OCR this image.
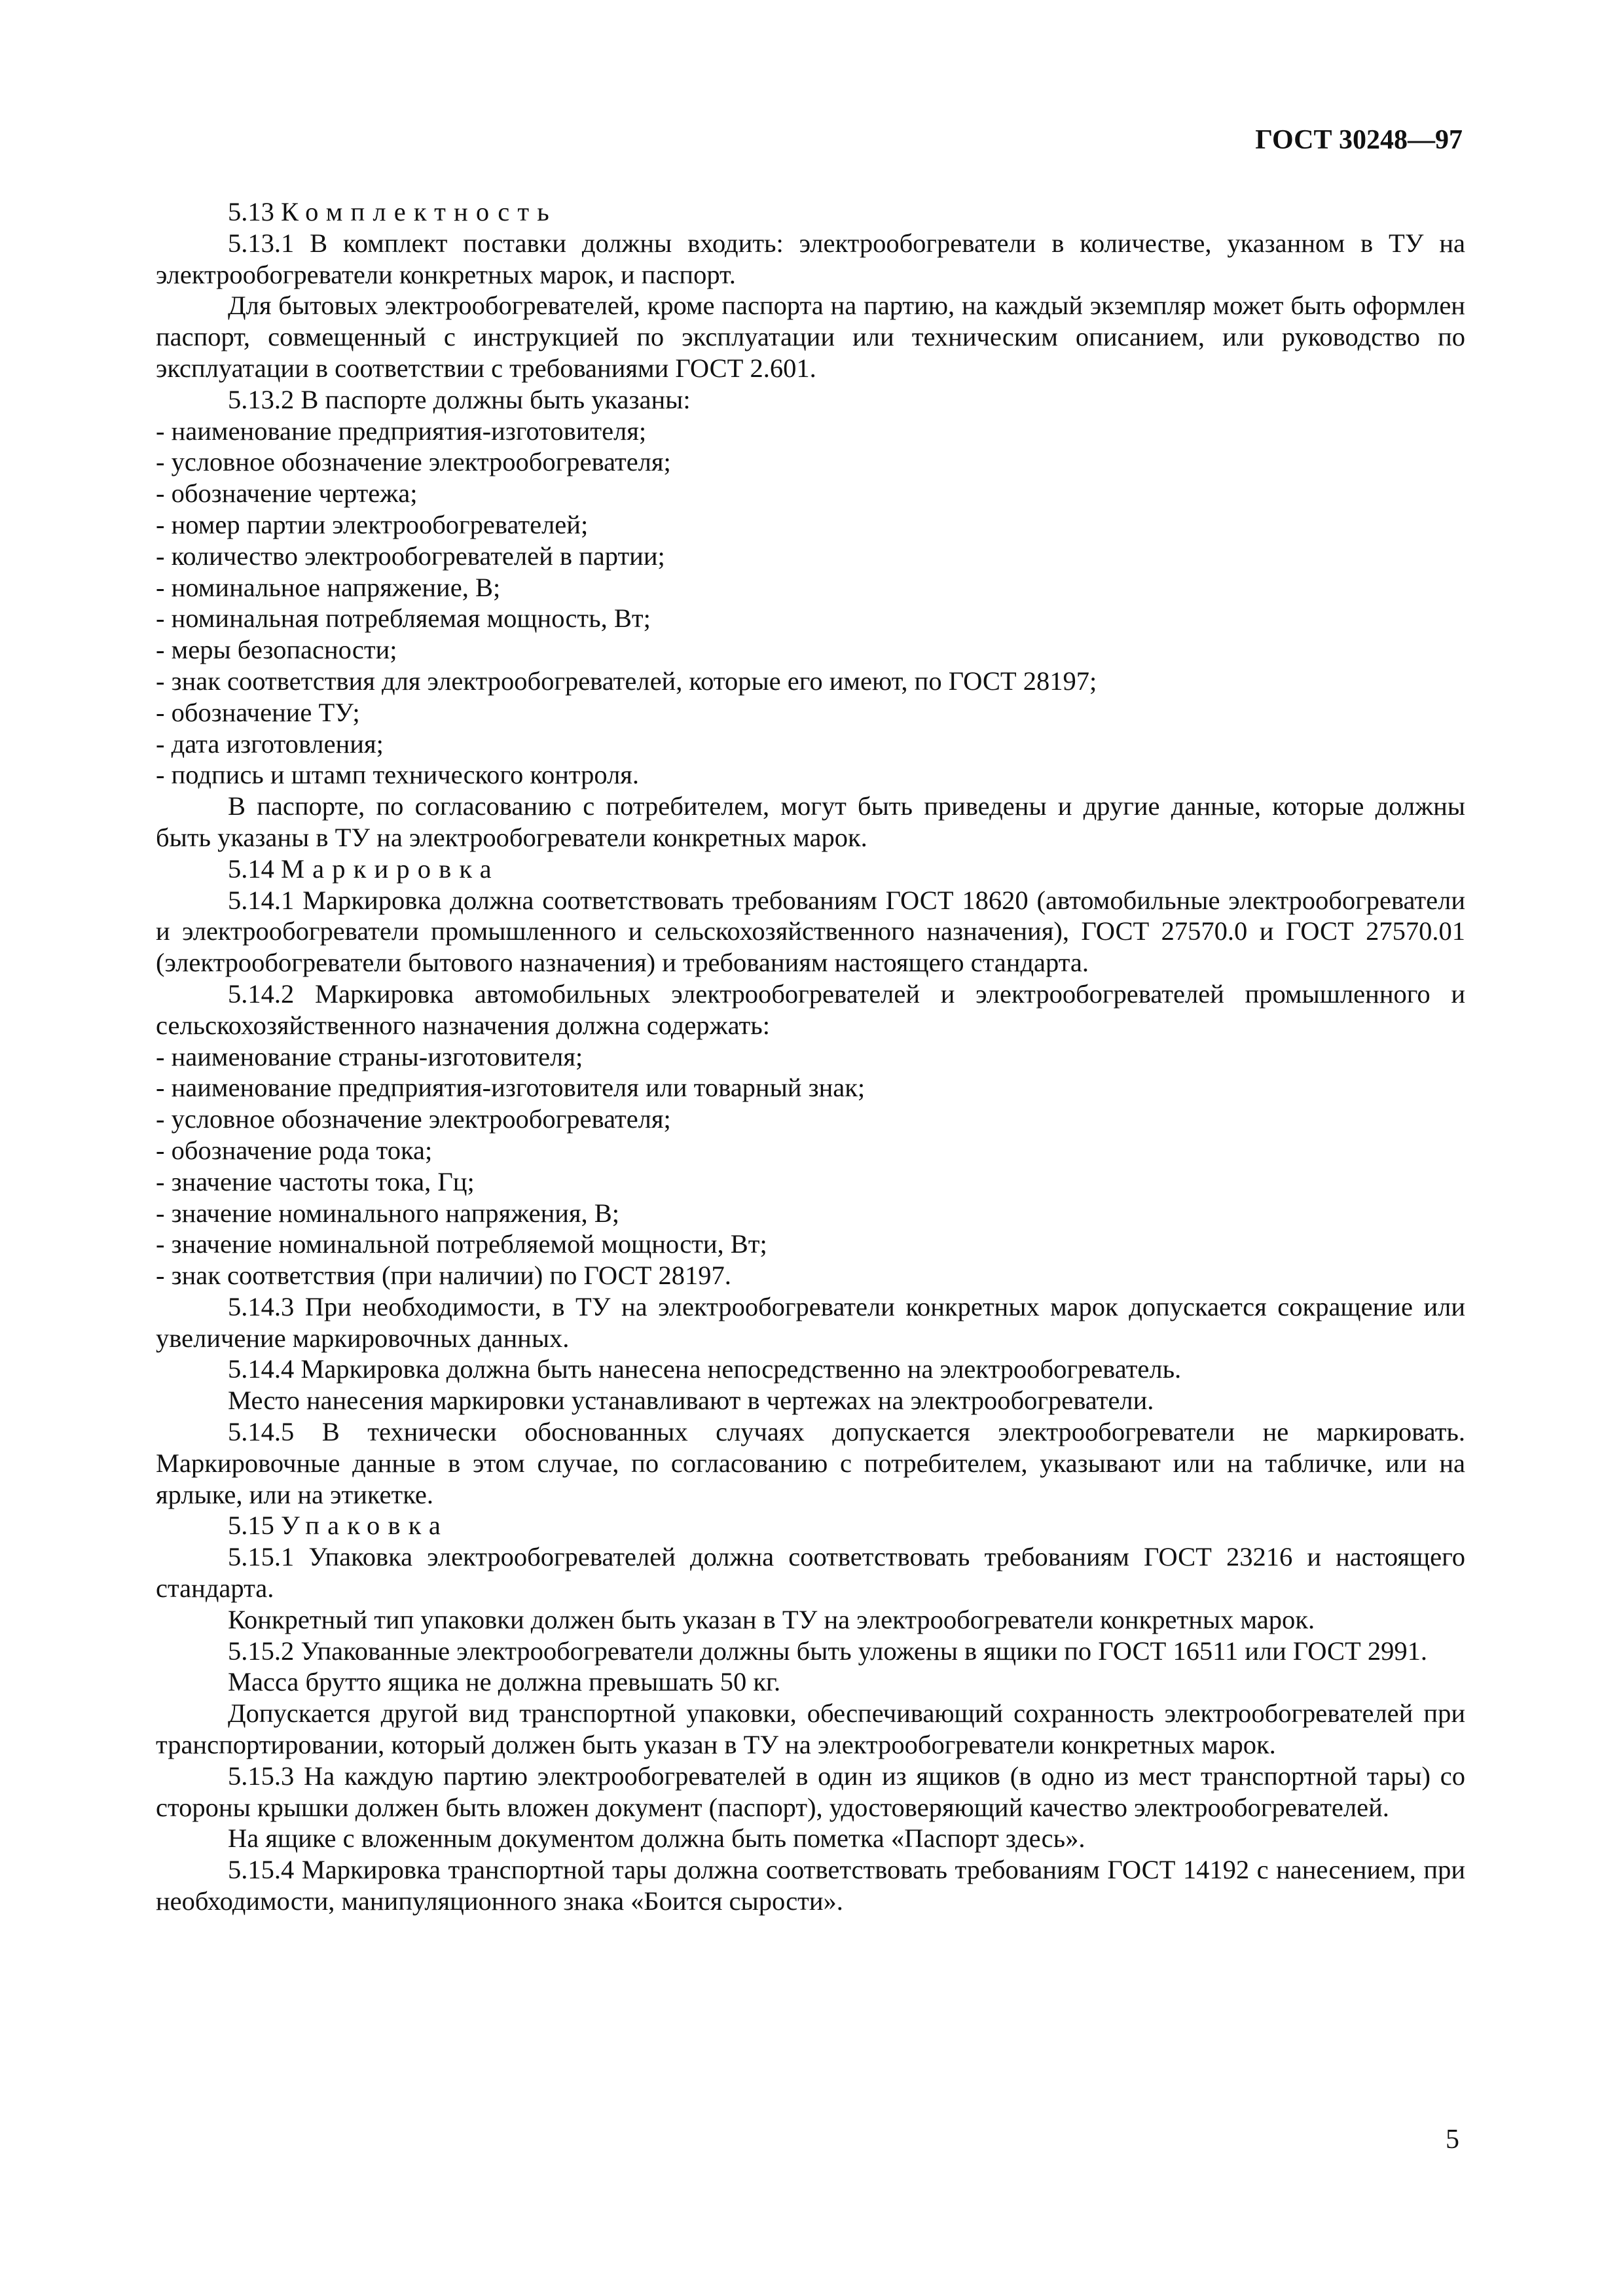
ГОСТ 30248—97

5.13 Комплектность

5.13.1 В комплект поставки должны входить: электрообогреватели в количестве, указанном в ТУ на электрообогреватели конкретных марок, и паспорт.

Для бытовых электрообогревателей, кроме паспорта на партию, на каждый экземпляр может быть оформлен паспорт, совмещенный с инструкцией по эксплуатации или техническим описанием, или руководство по эксплуатации в соответствии с требованиями ГОСТ 2.601.

5.13.2 В паспорте должны быть указаны:

- наименование предприятия-изготовителя;

- условное обозначение электрообогревателя;

- обозначение чертежа;

- номер партии электрообогревателей;

- количество электрообогревателей в партии;

- номинальное напряжение, В;

- номинальная потребляемая мощность, Вт;

- меры безопасности;

- знак соответствия для электрообогревателей, которые его имеют, по ГОСТ 28197;

- обозначение ТУ;

- дата изготовления;

- подпись и штамп технического контроля.

В паспорте, по согласованию с потребителем, могут быть приведены и другие данные, которые должны быть указаны в ТУ на электрообогреватели конкретных марок.

5.14 Маркировка

5.14.1 Маркировка должна соответствовать требованиям ГОСТ 18620 (автомобильные электрообогреватели и электрообогреватели промышленного и сельскохозяйственного назначения), ГОСТ 27570.0 и ГОСТ 27570.01 (электрообогреватели бытового назначения) и требованиям настоящего стандарта.

5.14.2 Маркировка автомобильных электрообогревателей и электрообогревателей промышленного и сельскохозяйственного назначения должна содержать:

- наименование страны-изготовителя;

- наименование предприятия-изготовителя или товарный знак;

- условное обозначение электрообогревателя;

- обозначение рода тока;

- значение частоты тока, Гц;

- значение номинального напряжения, В;

- значение номинальной потребляемой мощности, Вт;

- знак соответствия (при наличии) по ГОСТ 28197.

5.14.3 При необходимости, в ТУ на электрообогреватели конкретных марок допускается сокращение или увеличение маркировочных данных.

5.14.4 Маркировка должна быть нанесена непосредственно на электрообогреватель.

Место нанесения маркировки устанавливают в чертежах на электрообогреватели.

5.14.5 В технически обоснованных случаях допускается электрообогреватели не маркировать. Маркировочные данные в этом случае, по согласованию с потребителем, указывают или на табличке, или на ярлыке, или на этикетке.

5.15 Упаковка

5.15.1 Упаковка электрообогревателей должна соответствовать требованиям ГОСТ 23216 и настоящего стандарта.

Конкретный тип упаковки должен быть указан в ТУ на электрообогреватели конкретных марок.

5.15.2 Упакованные электрообогреватели должны быть уложены в ящики по ГОСТ 16511 или ГОСТ 2991.

Масса брутто ящика не должна превышать 50 кг.

Допускается другой вид транспортной упаковки, обеспечивающий сохранность электрообогревателей при транспортировании, который должен быть указан в ТУ на электрообогреватели конкретных марок.

5.15.3 На каждую партию электрообогревателей в один из ящиков (в одно из мест транспортной тары) со стороны крышки должен быть вложен документ (паспорт), удостоверяющий качество электрообогревателей.

На ящике с вложенным документом должна быть пометка «Паспорт здесь».

5.15.4 Маркировка транспортной тары должна соответствовать требованиям ГОСТ 14192 с нанесением, при необходимости, манипуляционного знака «Боится сырости».

5
